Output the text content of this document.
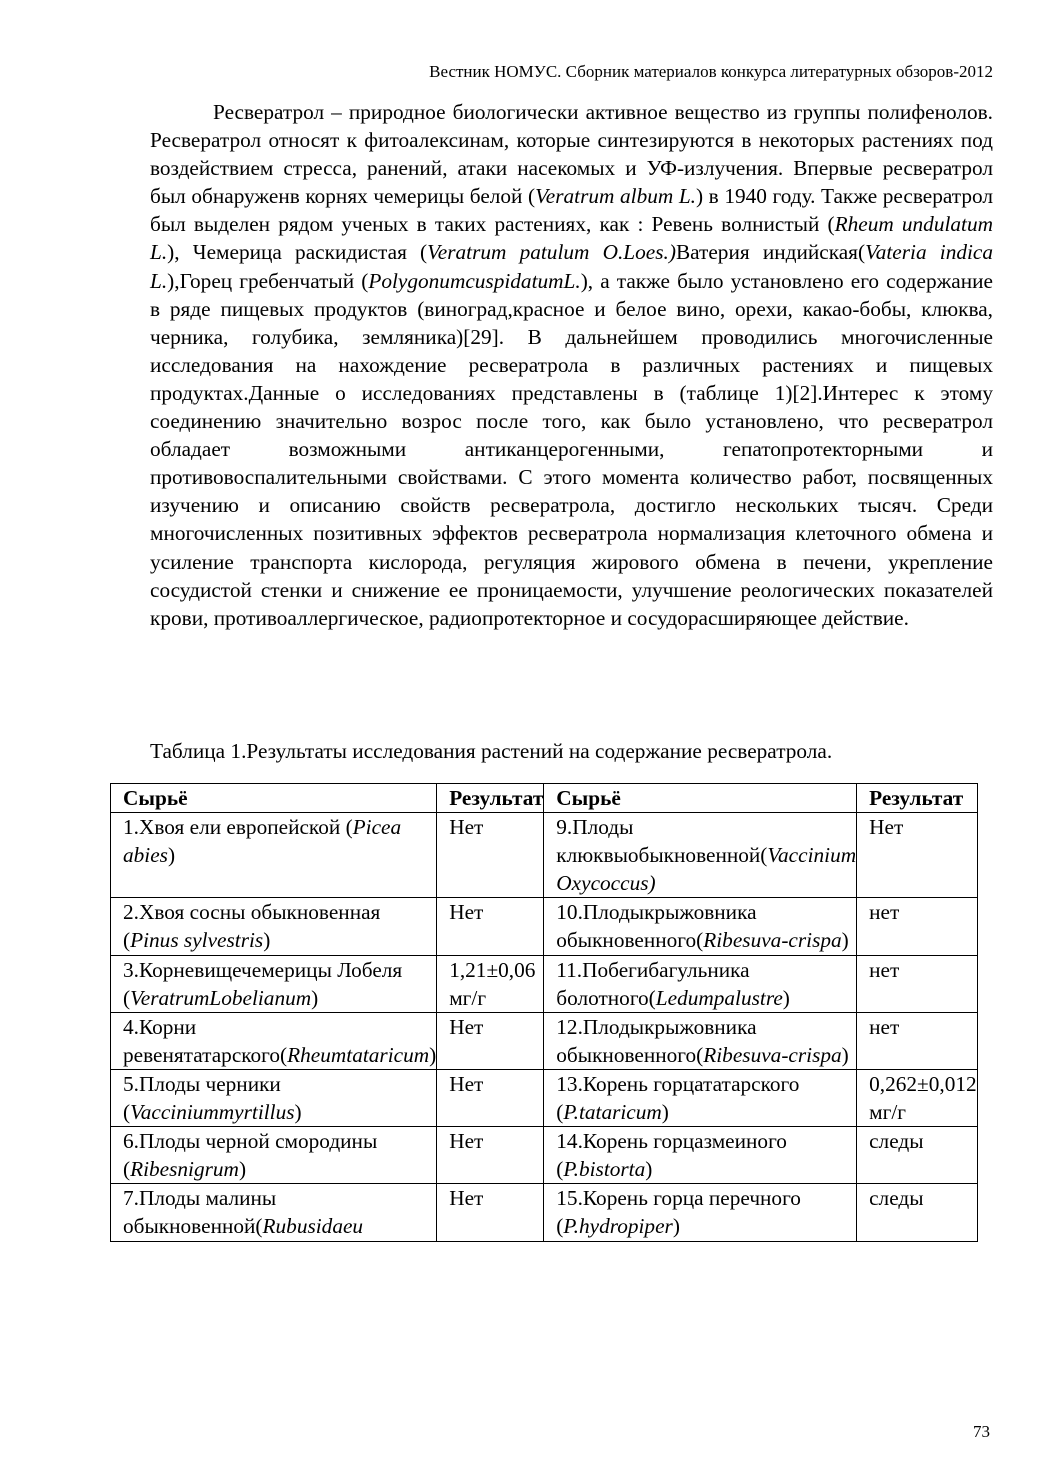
Вестник НОМУС. Сборник материалов конкурса литературных обзоров-2012

Ресвератрол – природное биологически активное вещество из группы полифенолов. Ресвератрол относят к фитоалексинам, которые синтезируются в некоторых растениях под воздействием стресса, ранений, атаки насекомых и УФ-излучения. Впервые ресвератрол был обнаруженв корнях чемерицы белой (Veratrum album L.) в 1940 году. Также ресвератрол был выделен рядом ученых в таких растениях, как : Ревень волнистый (Rheum undulatum L.), Чемерица раскидистая (Veratrum patulum O.Loes.)Ватерия индийская(Vateria indica L.),Горец гребенчатый (PolygonumcuspidatumL.), а также было установлено его содержание в ряде пищевых продуктов (виноград,красное и белое вино, орехи, какао-бобы, клюква, черника, голубика, земляника)[29]. В дальнейшем проводились многочисленные исследования на нахождение ресвератрола в различных растениях и пищевых продуктах.Данные о исследованиях представлены в (таблице 1)[2].Интерес к этому соединению значительно возрос после того, как было установлено, что ресвератрол обладает возможными антиканцерогенными, гепатопротекторными и противовоспалительными свойствами. С этого момента количество работ, посвященных изучению и описанию свойств ресвератрола, достигло нескольких тысяч. Среди многочисленных позитивных эффектов ресвератрола нормализация клеточного обмена и усиление транспорта кислорода, регуляция жирового обмена в печени, укрепление сосудистой стенки и снижение ее проницаемости, улучшение реологических показателей крови, противоаллергическое, радиопротекторное и сосудорасширяющее действие.

Таблица 1.Результаты исследования растений на содержание ресвератрола.
Сырьё	Результат	Сырьё	Результат
1.Хвоя ели европейской (Picea abies)	Нет	9.Плоды клюквыобыкновенной(Vaccinium Oxycoccus)	Нет
2.Хвоя сосны обыкновенная (Pinus sylvestris)	Нет	10.Плодыкрыжовника обыкновенного(Ribesuva-crispa)	нет
3.Корневищечемерицы Лобеля (VeratrumLobelianum)	1,21±0,06 мг/г	11.Побегибагульника болотного(Ledumpalustre)	нет
4.Корни ревенятатарского(Rheumtataricum)	Нет	12.Плодыкрыжовника обыкновенного(Ribesuva-crispa)	нет
5.Плоды черники (Vacciniummyrtillus)	Нет	13.Корень горцататарского (P.tataricum)	0,262±0,012 мг/г
6.Плоды черной смородины (Ribesnigrum)	Нет	14.Корень горцазмеиного (P.bistorta)	следы
7.Плоды малины обыкновенной(Rubusidaeu	Нет	15.Корень горца перечного (P.hydropiper)	следы
73
